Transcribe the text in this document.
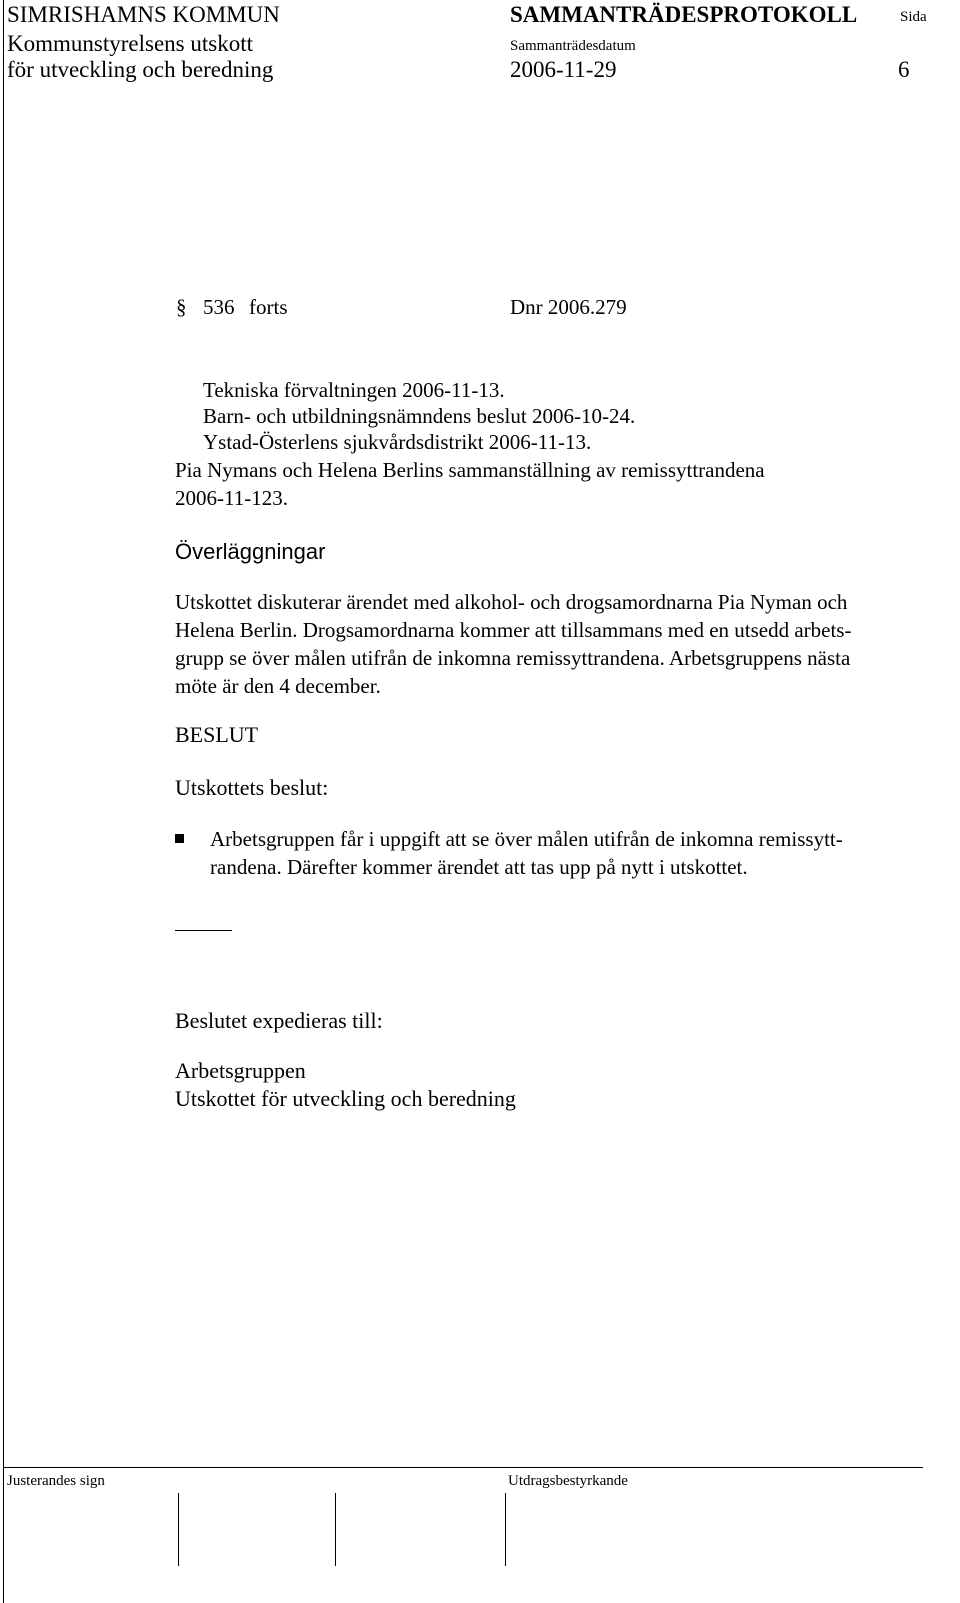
SIMRISHAMNS KOMMUN
Kommunstyrelsens utskott
för utveckling och beredning
SAMMANTRÄDESPROTOKOLL
Sammanträdesdatum
2006-11-29
Sida
6
§ 536 forts	Dnr 2006.279
Tekniska förvaltningen 2006-11-13.
Barn- och utbildningsnämndens beslut 2006-10-24.
Ystad-Österlens sjukvårdsdistrikt 2006-11-13.
Pia Nymans och Helena Berlins sammanställning av remissyttrandena
2006-11-123.
Överläggningar
Utskottet diskuterar ärendet med alkohol- och drogsamordnarna Pia Nyman och
Helena Berlin. Drogsamordnarna kommer att tillsammans med en utsedd arbets-
grupp se över målen utifrån de inkomna remissyttrandena. Arbetsgruppens nästa
möte är den 4 december.
BESLUT
Utskottets beslut:
Arbetsgruppen får i uppgift att se över målen utifrån de inkomna remissytt-
randena. Därefter kommer ärendet att tas upp på nytt i utskottet.
Beslutet expedieras till:
Arbetsgruppen
Utskottet för utveckling och beredning
Justerandes sign	Utdragsbestyrkande
